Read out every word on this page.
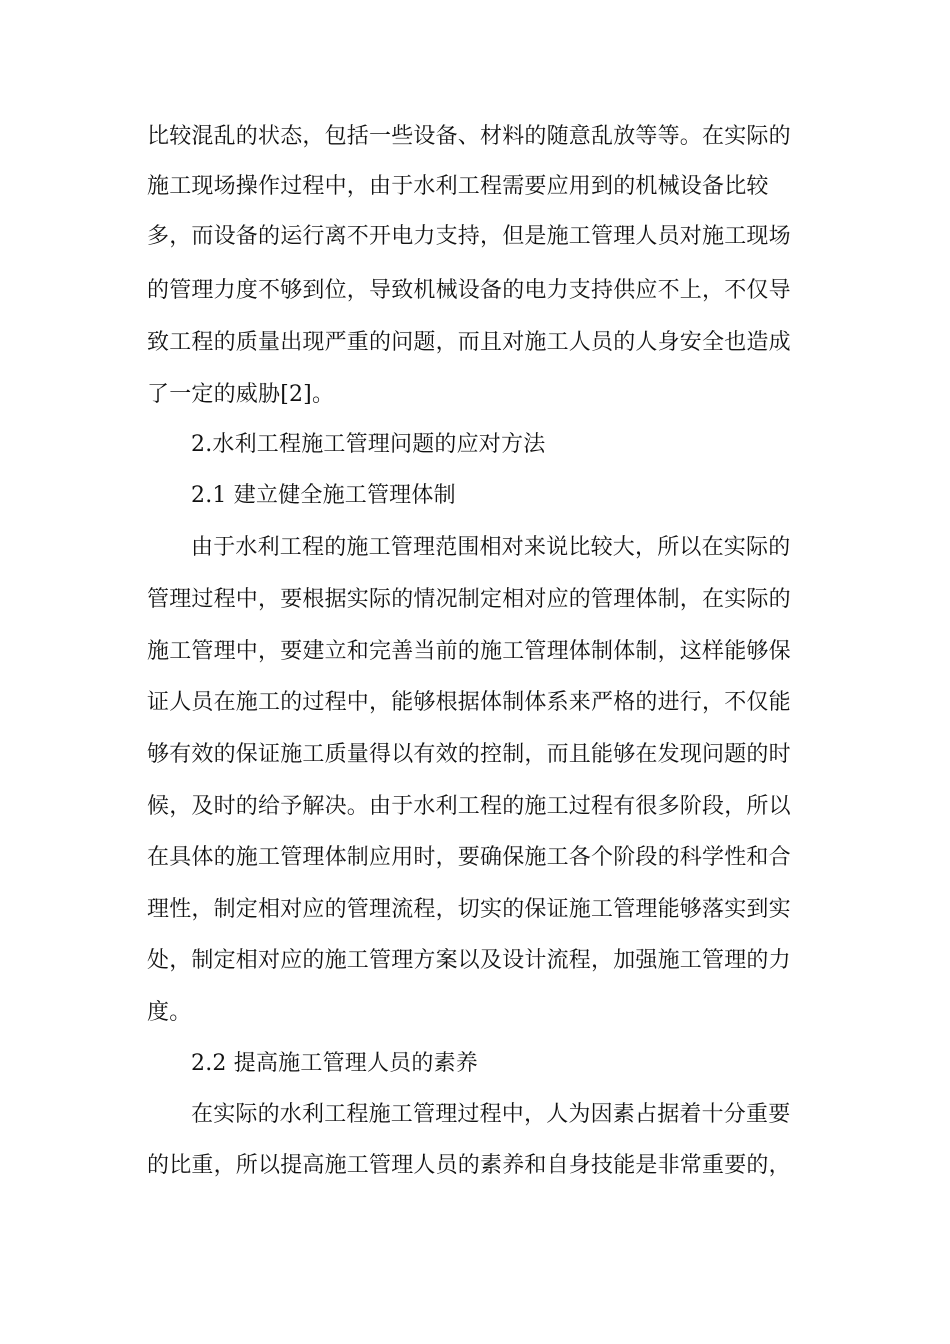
比较混乱的状态，包括一些设备、材料的随意乱放等等。在实际的
施工现场操作过程中，由于水利工程需要应用到的机械设备比较
多，而设备的运行离不开电力支持，但是施工管理人员对施工现场
的管理力度不够到位，导致机械设备的电力支持供应不上，不仅导
致工程的质量出现严重的问题，而且对施工人员的人身安全也造成
了一定的威胁[2]。
2.水利工程施工管理问题的应对方法
2.1 建立健全施工管理体制
由于水利工程的施工管理范围相对来说比较大，所以在实际的
管理过程中，要根据实际的情况制定相对应的管理体制，在实际的
施工管理中，要建立和完善当前的施工管理体制体制，这样能够保
证人员在施工的过程中，能够根据体制体系来严格的进行，不仅能
够有效的保证施工质量得以有效的控制，而且能够在发现问题的时
候，及时的给予解决。由于水利工程的施工过程有很多阶段，所以
在具体的施工管理体制应用时，要确保施工各个阶段的科学性和合
理性，制定相对应的管理流程，切实的保证施工管理能够落实到实
处，制定相对应的施工管理方案以及设计流程，加强施工管理的力
度。
2.2 提高施工管理人员的素养
在实际的水利工程施工管理过程中，人为因素占据着十分重要
的比重，所以提高施工管理人员的素养和自身技能是非常重要的，
